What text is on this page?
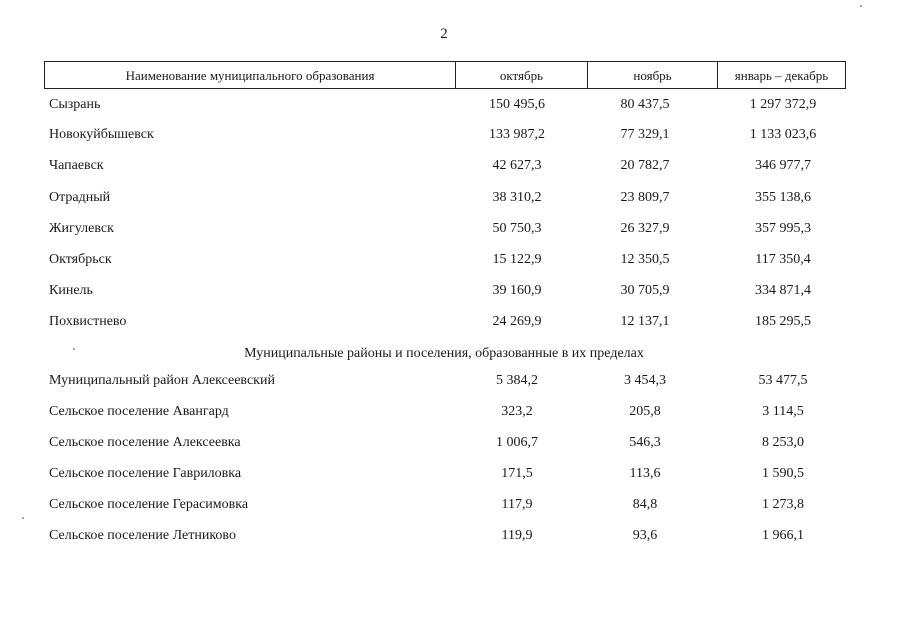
2
Наименование муниципального образования	октябрь	ноябрь	январь – декабрь
Сызрань	150 495,6	80 437,5	1 297 372,9
Новокуйбышевск	133 987,2	77 329,1	1 133 023,6
Чапаевск	42 627,3	20 782,7	346 977,7
Отрадный	38 310,2	23 809,7	355 138,6
Жигулевск	50 750,3	26 327,9	357 995,3
Октябрьск	15 122,9	12 350,5	117 350,4
Кинель	39 160,9	30 705,9	334 871,4
Похвистнево	24 269,9	12 137,1	185 295,5
Муниципальные районы и поселения, образованные в их пределах
Муниципальный район Алексеевский	5 384,2	3 454,3	53 477,5
Сельское поселение Авангард	323,2	205,8	3 114,5
Сельское поселение Алексеевка	1 006,7	546,3	8 253,0
Сельское поселение Гавриловка	171,5	113,6	1 590,5
Сельское поселение Герасимовка	117,9	84,8	1 273,8
Сельское поселение Летниково	119,9	93,6	1 966,1
